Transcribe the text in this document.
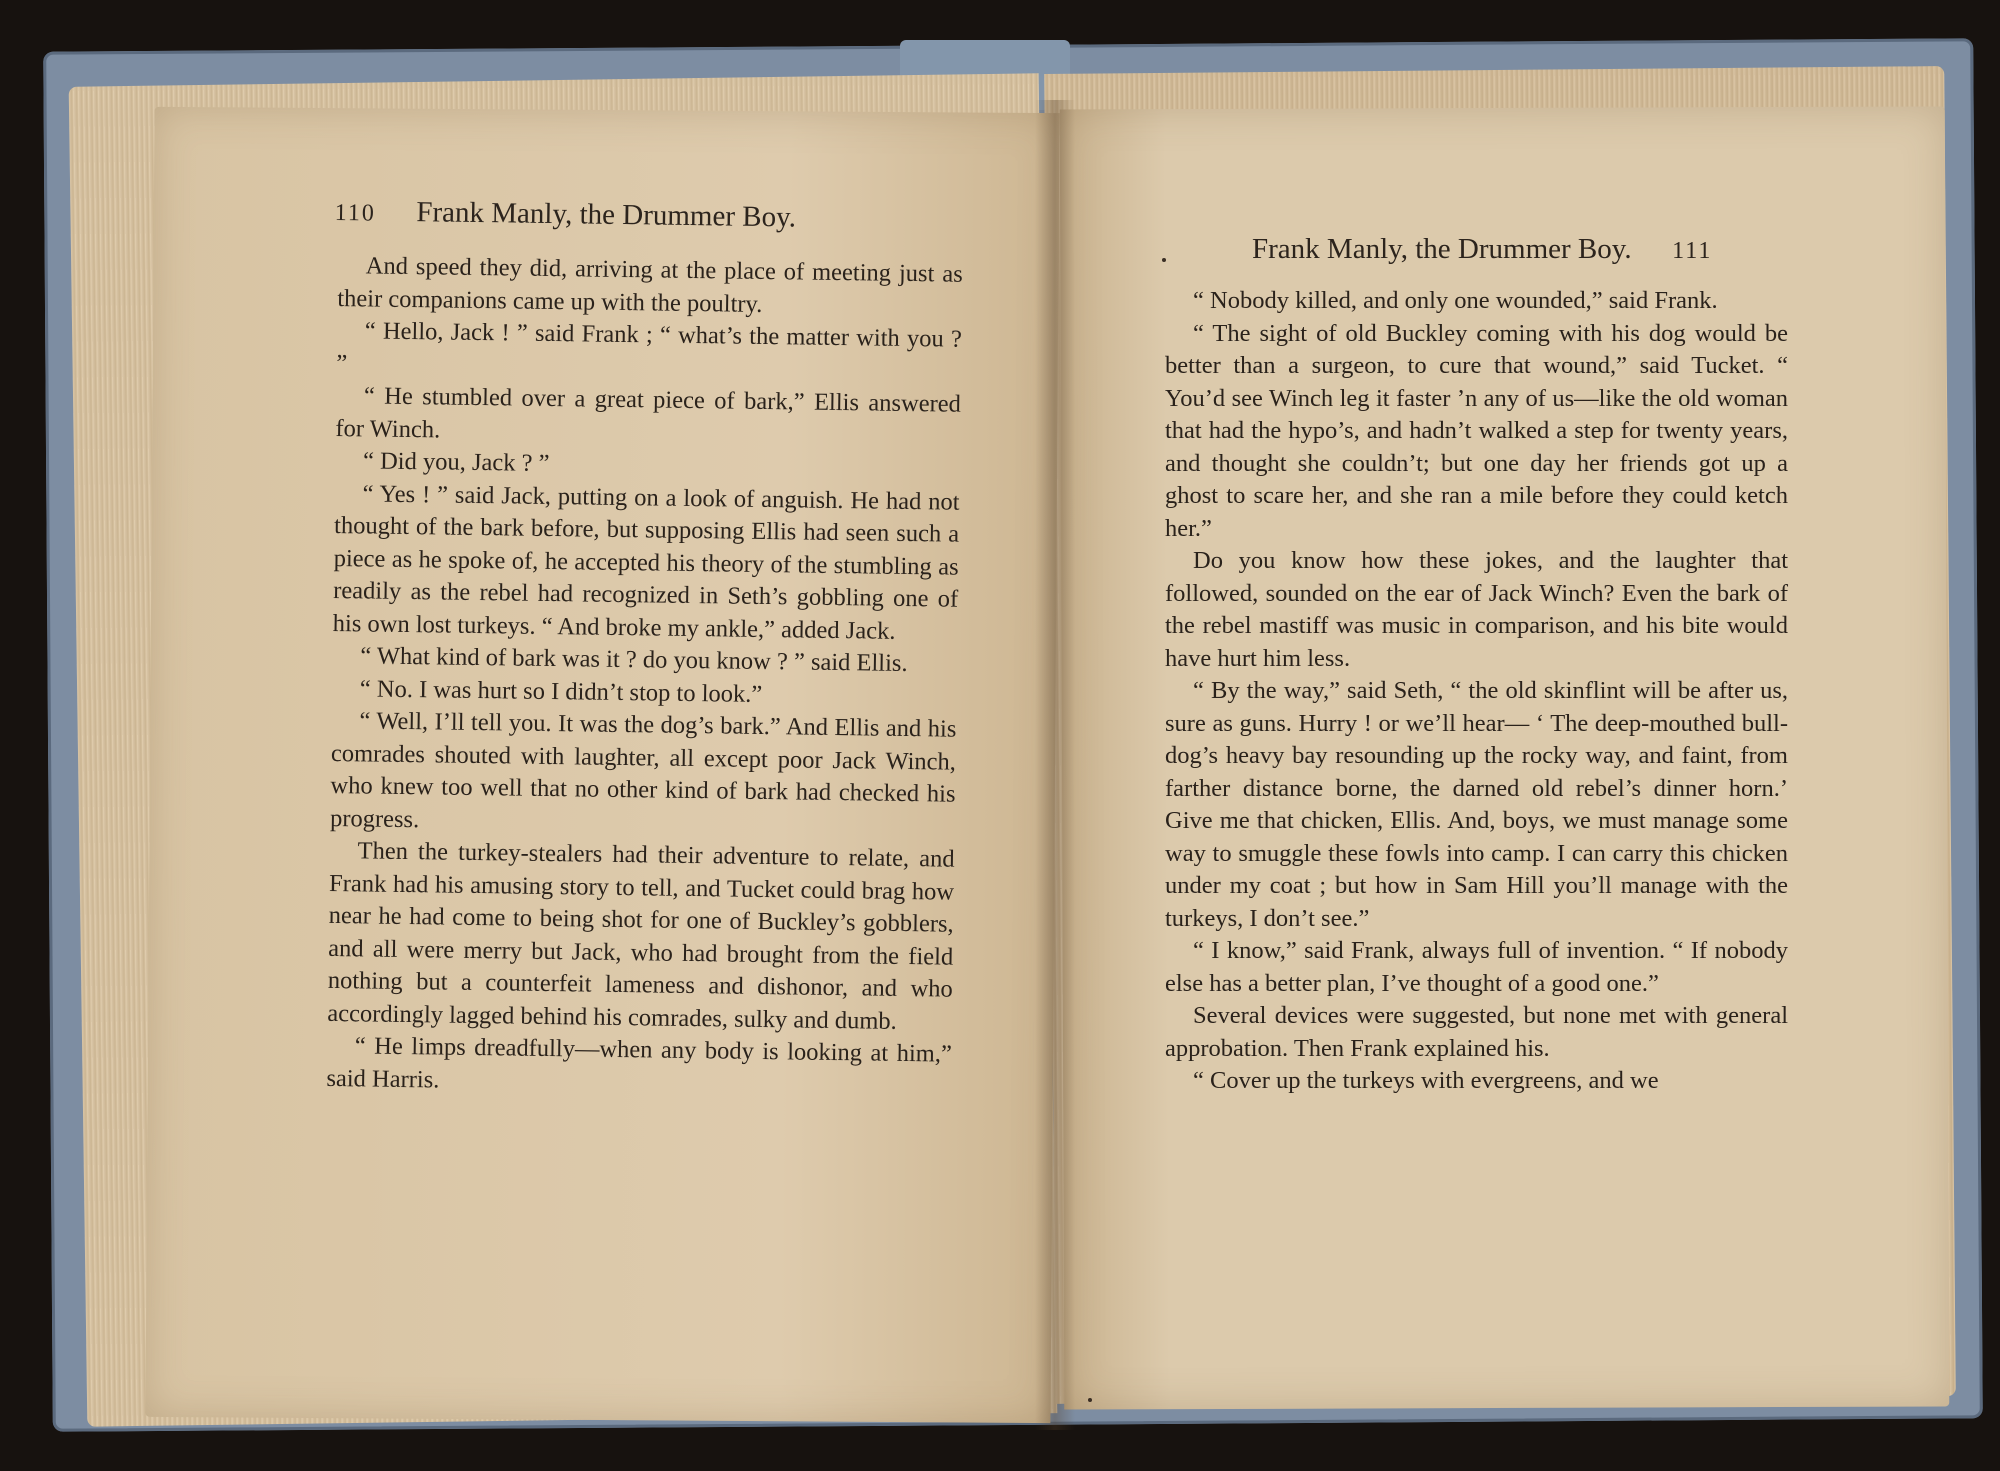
110 Frank Manly, the Drummer Boy.

And speed they did, arriving at the place of meeting just as their companions came up with the poultry.

“ Hello, Jack ! ” said Frank ; “ what’s the matter with you ? ”

“ He stumbled over a great piece of bark,” Ellis answered for Winch.

“ Did you, Jack ? ”

“ Yes ! ” said Jack, putting on a look of anguish. He had not thought of the bark before, but supposing Ellis had seen such a piece as he spoke of, he accepted his theory of the stumbling as readily as the rebel had recognized in Seth’s gobbling one of his own lost turkeys. “ And broke my ankle,” added Jack.

“ What kind of bark was it ? do you know ? ” said Ellis.

“ No. I was hurt so I didn’t stop to look.”

“ Well, I’ll tell you. It was the dog’s bark.” And Ellis and his comrades shouted with laughter, all except poor Jack Winch, who knew too well that no other kind of bark had checked his progress.

Then the turkey-stealers had their adventure to relate, and Frank had his amusing story to tell, and Tucket could brag how near he had come to being shot for one of Buckley’s gobblers, and all were merry but Jack, who had brought from the field nothing but a counterfeit lameness and dishonor, and who accordingly lagged behind his comrades, sulky and dumb.

“ He limps dreadfully—when any body is looking at him,” said Harris.

Frank Manly, the Drummer Boy. 111

“ Nobody killed, and only one wounded,” said Frank.

“ The sight of old Buckley coming with his dog would be better than a surgeon, to cure that wound,” said Tucket. “ You’d see Winch leg it faster ’n any of us—like the old woman that had the hypo’s, and hadn’t walked a step for twenty years, and thought she couldn’t; but one day her friends got up a ghost to scare her, and she ran a mile before they could ketch her.”

Do you know how these jokes, and the laughter that followed, sounded on the ear of Jack Winch? Even the bark of the rebel mastiff was music in comparison, and his bite would have hurt him less.

“ By the way,” said Seth, “ the old skinflint will be after us, sure as guns. Hurry ! or we’ll hear— ‘ The deep-mouthed bull-dog’s heavy bay resounding up the rocky way, and faint, from farther distance borne, the darned old rebel’s dinner horn.’ Give me that chicken, Ellis. And, boys, we must manage some way to smuggle these fowls into camp. I can carry this chicken under my coat ; but how in Sam Hill you’ll manage with the turkeys, I don’t see.”

“ I know,” said Frank, always full of invention. “ If nobody else has a better plan, I’ve thought of a good one.”

Several devices were suggested, but none met with general approbation. Then Frank explained his.

“ Cover up the turkeys with evergreens, and we
